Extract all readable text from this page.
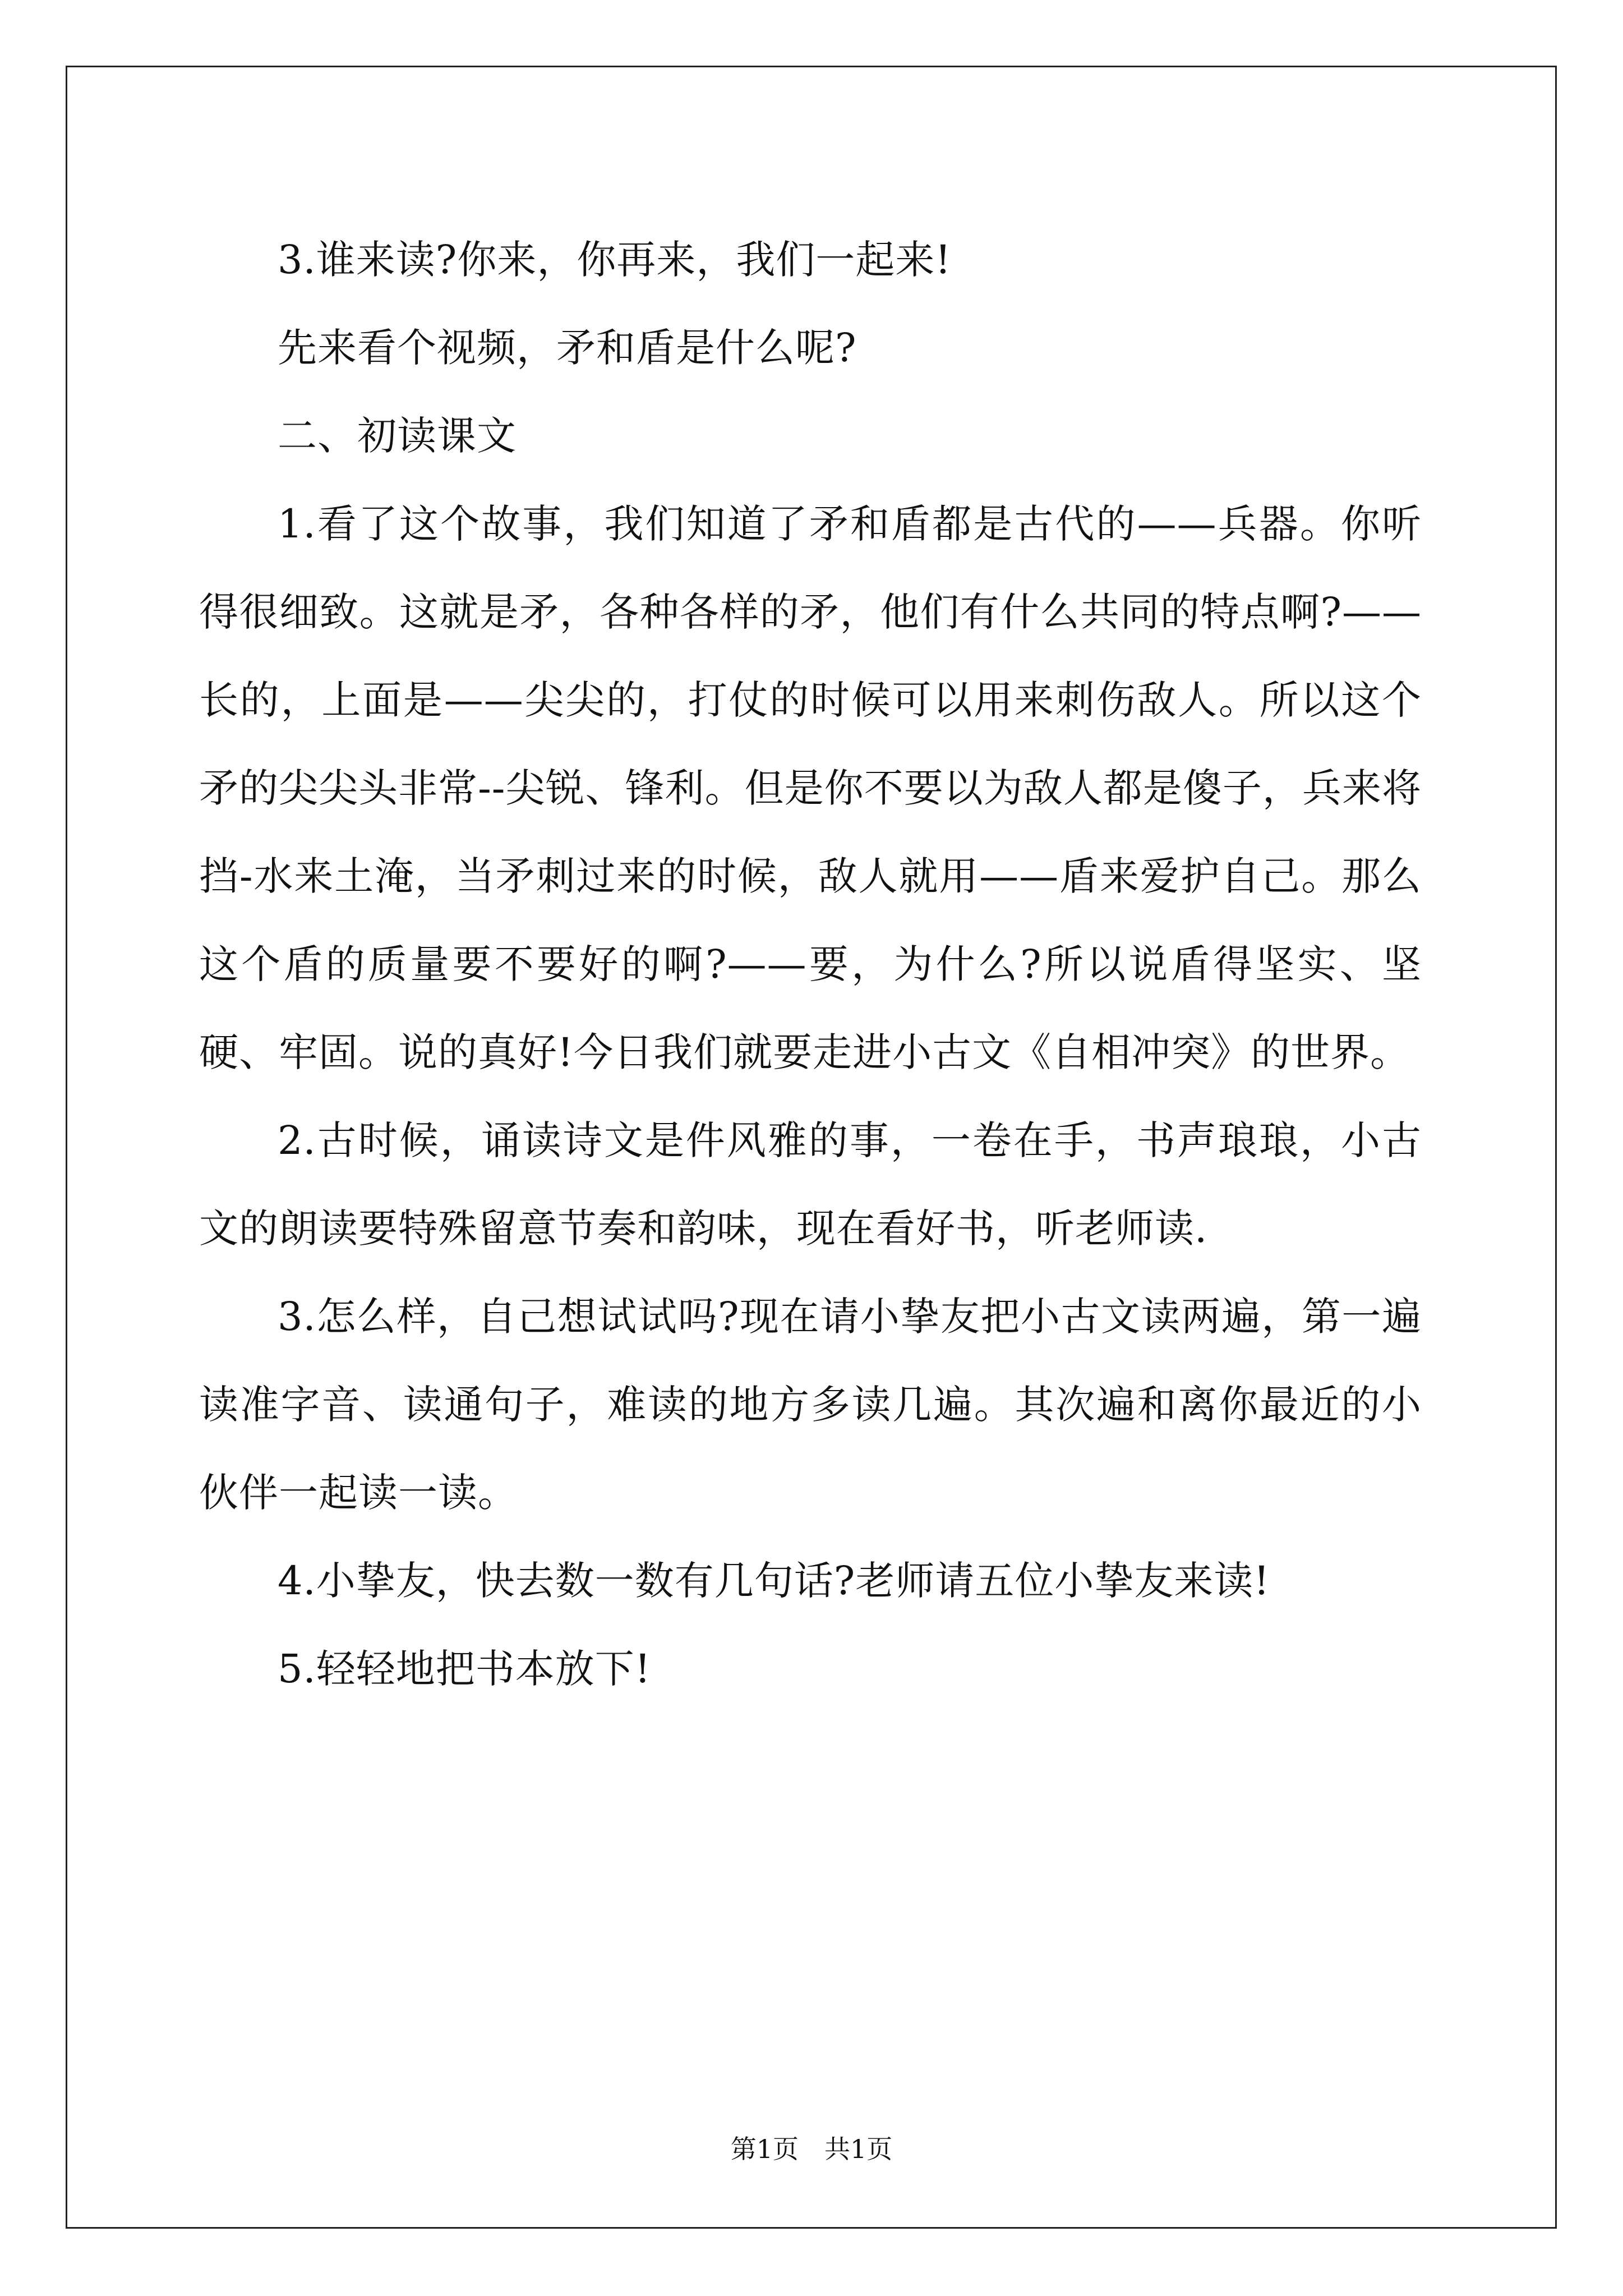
3.谁来读?你来，你再来，我们一起来!

先来看个视频，矛和盾是什么呢?

二、初读课文

1.看了这个故事，我们知道了矛和盾都是古代的——兵器。你听得很细致。这就是矛，各种各样的矛，他们有什么共同的特点啊?——长的，上面是——尖尖的，打仗的时候可以用来刺伤敌人。所以这个矛的尖尖头非常--尖锐、锋利。但是你不要以为敌人都是傻子，兵来将挡-水来土淹，当矛刺过来的时候，敌人就用——盾来爱护自己。那么这个盾的质量要不要好的啊?——要，为什么?所以说盾得坚实、坚硬、牢固。说的真好!今日我们就要走进小古文《自相冲突》的世界。

2.古时候，诵读诗文是件风雅的事，一卷在手，书声琅琅，小古文的朗读要特殊留意节奏和韵味，现在看好书，听老师读.

3.怎么样，自己想试试吗?现在请小挚友把小古文读两遍，第一遍读准字音、读通句子，难读的地方多读几遍。其次遍和离你最近的小伙伴一起读一读。

4.小挚友，快去数一数有几句话?老师请五位小挚友来读!

5.轻轻地把书本放下!

第1页 共1页
